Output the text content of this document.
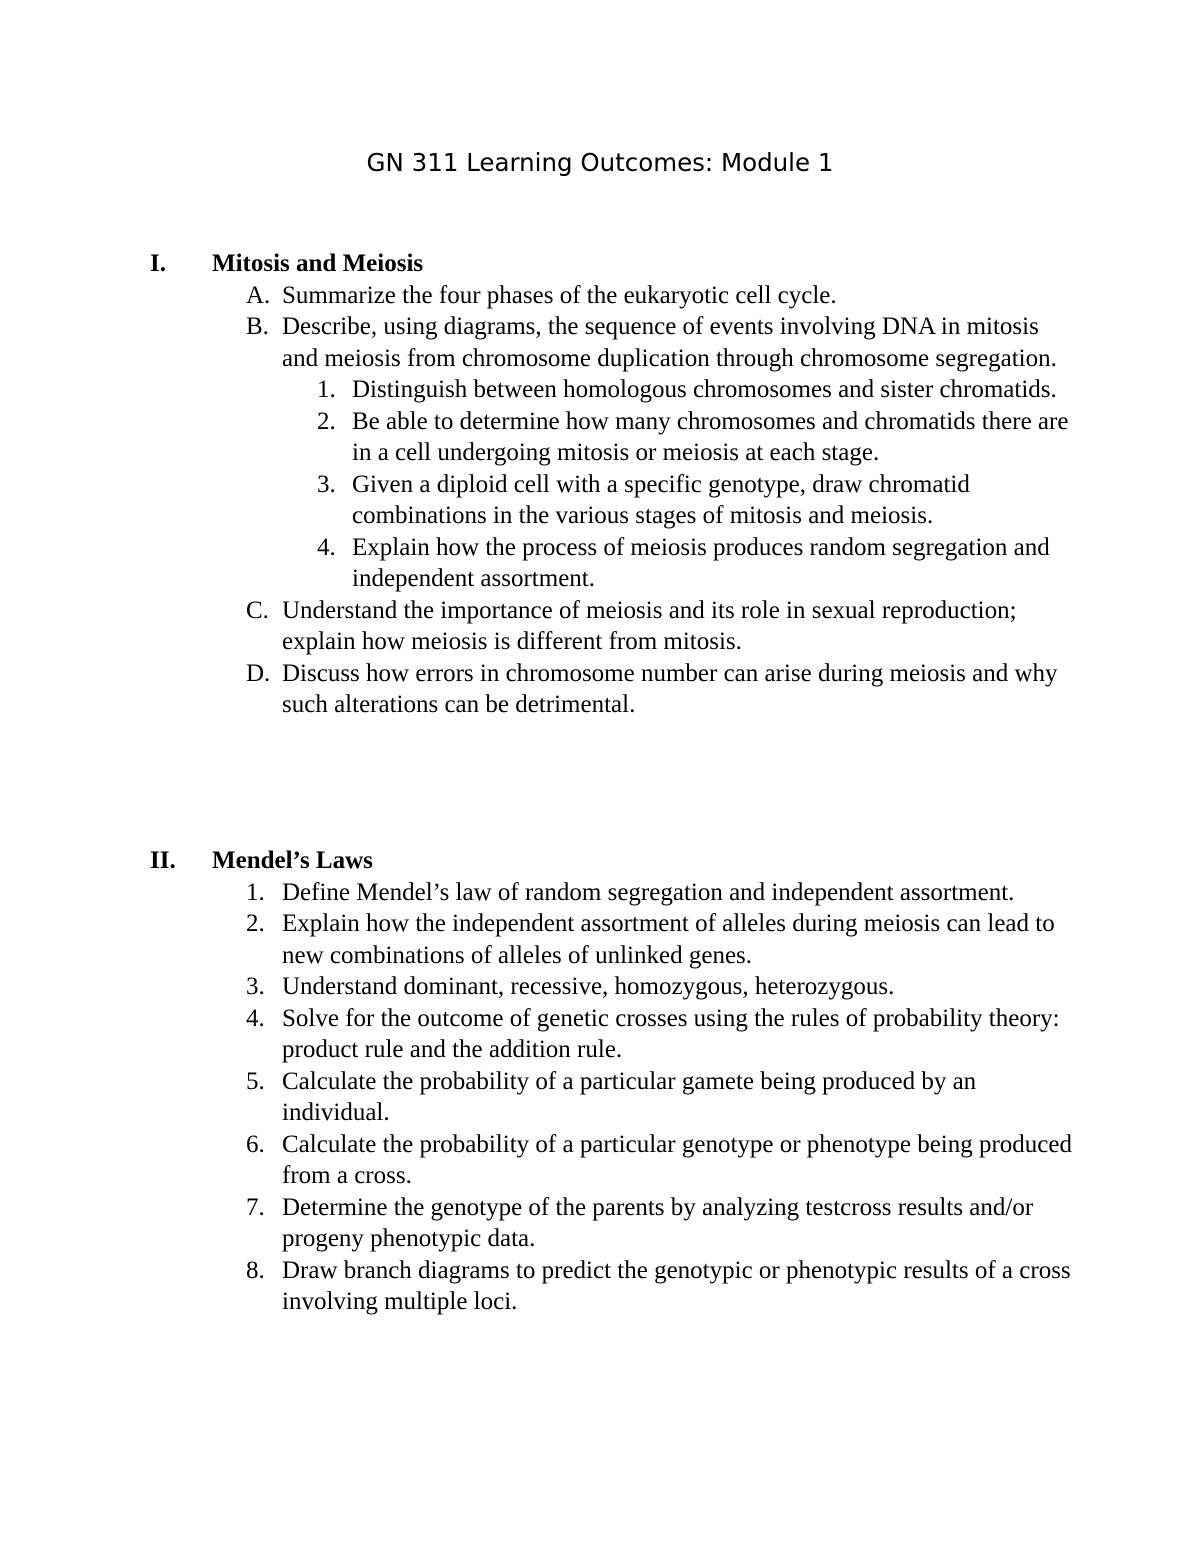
GN 311 Learning Outcomes: Module 1
I. Mitosis and Meiosis
A. Summarize the four phases of the eukaryotic cell cycle.
B. Describe, using diagrams, the sequence of events involving DNA in mitosis and meiosis from chromosome duplication through chromosome segregation.
1. Distinguish between homologous chromosomes and sister chromatids.
2. Be able to determine how many chromosomes and chromatids there are in a cell undergoing mitosis or meiosis at each stage.
3. Given a diploid cell with a specific genotype, draw chromatid combinations in the various stages of mitosis and meiosis.
4. Explain how the process of meiosis produces random segregation and independent assortment.
C. Understand the importance of meiosis and its role in sexual reproduction; explain how meiosis is different from mitosis.
D. Discuss how errors in chromosome number can arise during meiosis and why such alterations can be detrimental.
II. Mendel’s Laws
1. Define Mendel’s law of random segregation and independent assortment.
2. Explain how the independent assortment of alleles during meiosis can lead to new combinations of alleles of unlinked genes.
3. Understand dominant, recessive, homozygous, heterozygous.
4. Solve for the outcome of genetic crosses using the rules of probability theory: product rule and the addition rule.
5. Calculate the probability of a particular gamete being produced by an individual.
6. Calculate the probability of a particular genotype or phenotype being produced from a cross.
7. Determine the genotype of the parents by analyzing testcross results and/or progeny phenotypic data.
8. Draw branch diagrams to predict the genotypic or phenotypic results of a cross involving multiple loci.
